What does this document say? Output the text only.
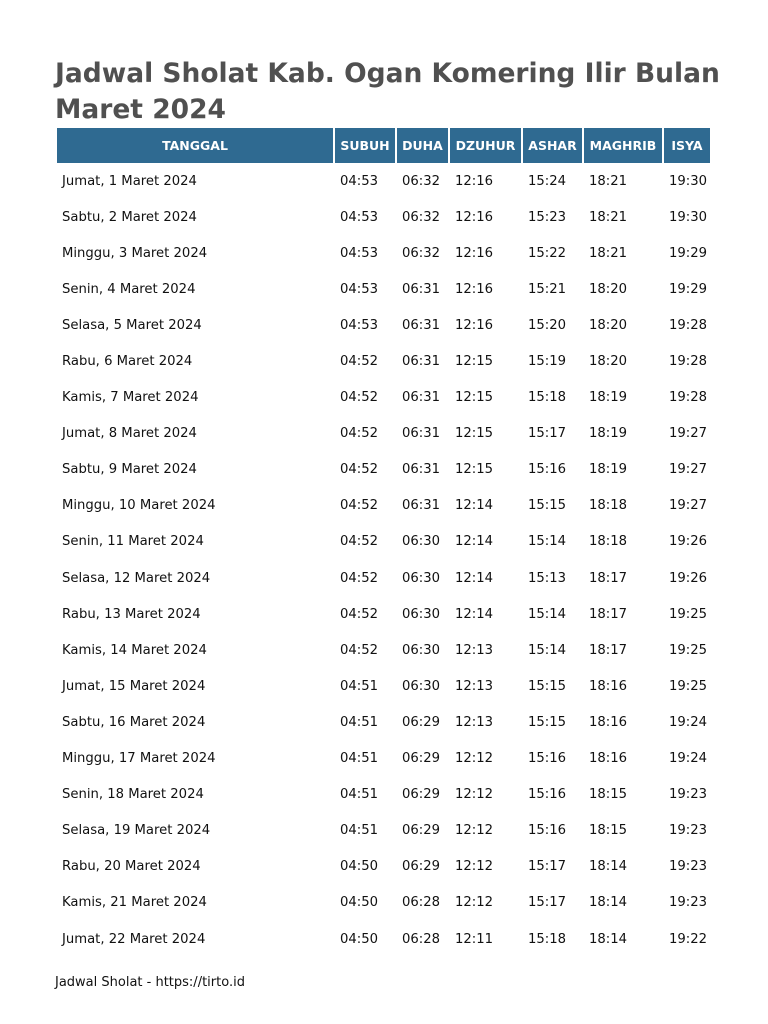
Jadwal Sholat Kab. Ogan Komering Ilir Bulan Maret 2024
TANGGAL	SUBUH	DUHA	DZUHUR	ASHAR	MAGHRIB	ISYA
Jumat, 1 Maret 2024	04:53	06:32	12:16	15:24	18:21	19:30
Sabtu, 2 Maret 2024	04:53	06:32	12:16	15:23	18:21	19:30
Minggu, 3 Maret 2024	04:53	06:32	12:16	15:22	18:21	19:29
Senin, 4 Maret 2024	04:53	06:31	12:16	15:21	18:20	19:29
Selasa, 5 Maret 2024	04:53	06:31	12:16	15:20	18:20	19:28
Rabu, 6 Maret 2024	04:52	06:31	12:15	15:19	18:20	19:28
Kamis, 7 Maret 2024	04:52	06:31	12:15	15:18	18:19	19:28
Jumat, 8 Maret 2024	04:52	06:31	12:15	15:17	18:19	19:27
Sabtu, 9 Maret 2024	04:52	06:31	12:15	15:16	18:19	19:27
Minggu, 10 Maret 2024	04:52	06:31	12:14	15:15	18:18	19:27
Senin, 11 Maret 2024	04:52	06:30	12:14	15:14	18:18	19:26
Selasa, 12 Maret 2024	04:52	06:30	12:14	15:13	18:17	19:26
Rabu, 13 Maret 2024	04:52	06:30	12:14	15:14	18:17	19:25
Kamis, 14 Maret 2024	04:52	06:30	12:13	15:14	18:17	19:25
Jumat, 15 Maret 2024	04:51	06:30	12:13	15:15	18:16	19:25
Sabtu, 16 Maret 2024	04:51	06:29	12:13	15:15	18:16	19:24
Minggu, 17 Maret 2024	04:51	06:29	12:12	15:16	18:16	19:24
Senin, 18 Maret 2024	04:51	06:29	12:12	15:16	18:15	19:23
Selasa, 19 Maret 2024	04:51	06:29	12:12	15:16	18:15	19:23
Rabu, 20 Maret 2024	04:50	06:29	12:12	15:17	18:14	19:23
Kamis, 21 Maret 2024	04:50	06:28	12:12	15:17	18:14	19:23
Jumat, 22 Maret 2024	04:50	06:28	12:11	15:18	18:14	19:22
Jadwal Sholat - https://tirto.id
